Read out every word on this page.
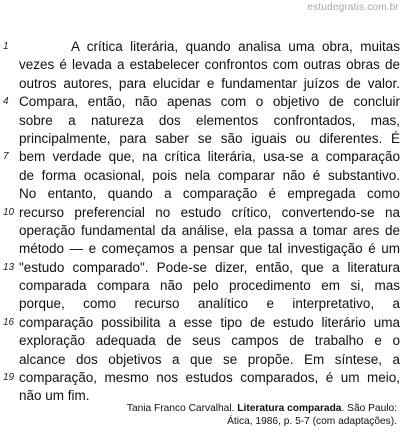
estudegratis.com.br
1	A crítica literária, quando analisa uma obra, muitas
vezes é levada a estabelecer confrontos com outras obras de
outros autores, para elucidar e fundamentar juízos de valor.
4 Compara, então, não apenas com o objetivo de concluir
sobre a natureza dos elementos confrontados, mas,
principalmente, para saber se são iguais ou diferentes. É
7 bem verdade que, na crítica literária, usa-se a comparação
de forma ocasional, pois nela comparar não é substantivo.
No entanto, quando a comparação é empregada como
10 recurso preferencial no estudo crítico, convertendo-se na
operação fundamental da análise, ela passa a tomar ares de
método — e começamos a pensar que tal investigação é um
13 "estudo comparado". Pode-se dizer, então, que a literatura
comparada compara não pelo procedimento em si, mas
porque, como recurso analítico e interpretativo, a
16 comparação possibilita a esse tipo de estudo literário uma
exploração adequada de seus campos de trabalho e o
alcance dos objetivos a que se propõe. Em síntese, a
19 comparação, mesmo nos estudos comparados, é um meio,
não um fim.
Tania Franco Carvalhal. Literatura comparada. São Paulo:
Ática, 1986, p. 5-7 (com adaptações).
